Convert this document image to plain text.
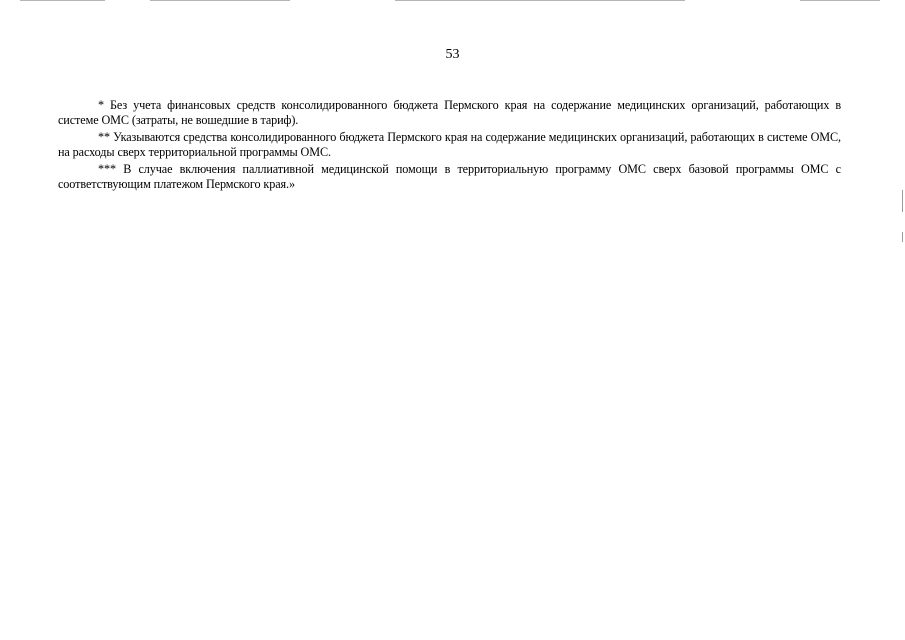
53

* Без учета финансовых средств консолидированного бюджета Пермского края на содержание медицинских организаций, работающих в системе ОМС (затраты, не вошедшие в тариф).

** Указываются средства консолидированного бюджета Пермского края на содержание медицинских организаций, работающих в системе ОМС, на расходы сверх территориальной программы ОМС.

*** В случае включения паллиативной медицинской помощи в территориальную программу ОМС сверх базовой программы ОМС с соответствующим платежом Пермского края.»
